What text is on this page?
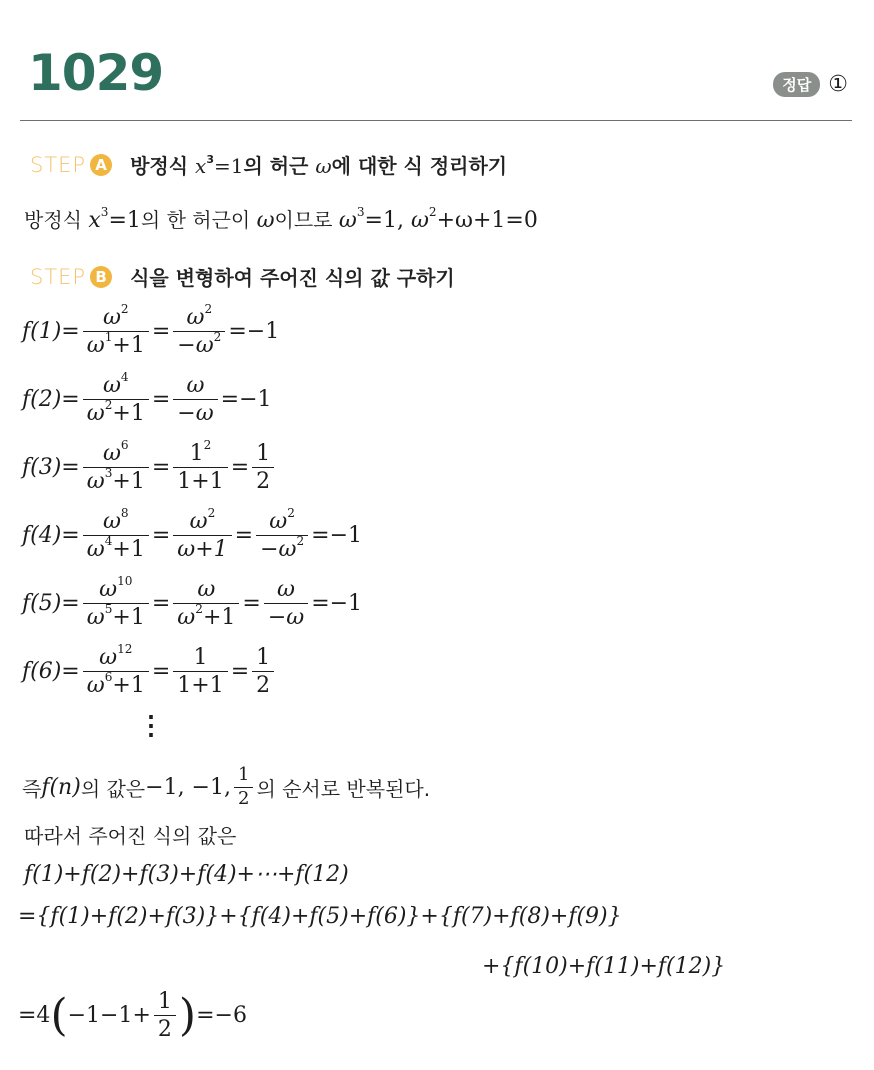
1029	정답 ①
STEP A 방정식 $x^3=1$의 허근 ω에 대한 식 정리하기
방정식 $x^3=1$의 한 허근이 ω이므로 $\omega^3=1$, $\omega^2+\omega+1=0$
STEP B 식을 변형하여 주어진 식의 값 구하기
$f(1)= \frac{\omega^2}{\omega^1+1} = \frac{\omega^2}{-\omega^2} =-1$
$f(2)= \frac{\omega^4}{\omega^2+1} = \frac{\omega}{-\omega} =-1$
$f(3)= \frac{\omega^6}{\omega^3+1} = \frac{1^2}{1+1} = \frac{1}{2}$
$f(4)= \frac{\omega^8}{\omega^4+1} = \frac{\omega^2}{\omega+1} = \frac{\omega^2}{-\omega^2} =-1$
$f(5)= \frac{\omega^{10}}{\omega^5+1} = \frac{\omega}{\omega^2+1} = \frac{\omega}{-\omega} =-1$
$f(6)= \frac{\omega^{12}}{\omega^6+1} = \frac{1}{1+1} = \frac{1}{2}$
⋮
즉 f(n) 의 값은 −1, −1, $\frac{1}{2}$ 의 순서로 반복된다.
따라서 주어진 식의 값은
f(1)+f(2)+f(3)+f(4)+⋯+f(12)
={f(1)+f(2)+f(3)}+{f(4)+f(5)+f(6)}+{f(7)+f(8)+f(9)}
+{f(10)+f(11)+f(12)}
=4 ( $-1-1+ \frac{1}{2}$ ) =−6
